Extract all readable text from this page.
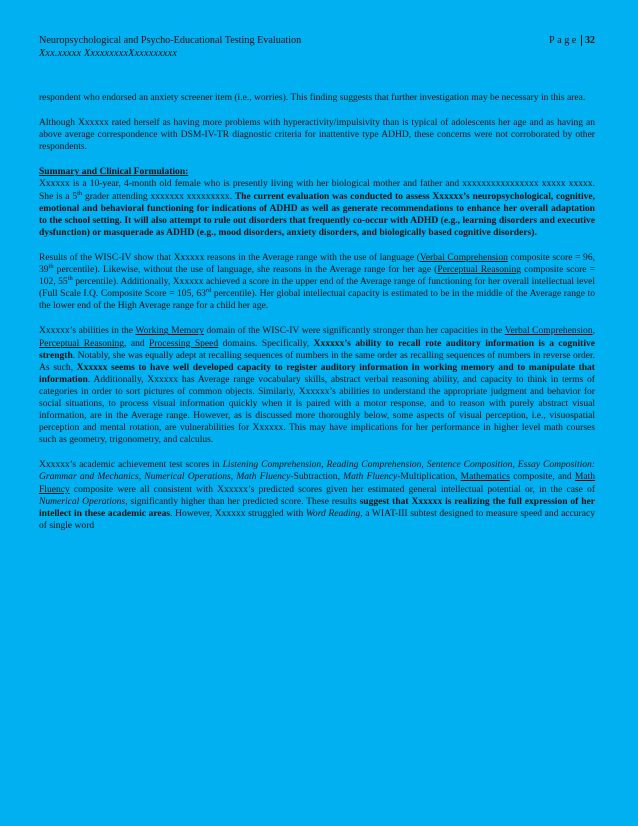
Neuropsychological and Psycho-Educational Testing Evaluation	Page 32
Xxx.xxxxx XxxxxxxxxXxxxxxxxxx

respondent who endorsed an anxiety screener item (i.e., worries). This finding suggests that further investigation may be necessary in this area.

Although Xxxxxx rated herself as having more problems with hyperactivity/impulsivity than is typical of adolescents her age and as having an above average correspondence with DSM-IV-TR diagnostic criteria for inattentive type ADHD, these concerns were not corroborated by other respondents.

Summary and Clinical Formulation:

Xxxxxx is a 10-year, 4-month old female who is presently living with her biological mother and father and xxxxxxxxxxxxxxxx xxxxx xxxxx. She is a 5th grader attending xxxxxxx xxxxxxxxx. The current evaluation was conducted to assess Xxxxxx’s neuropsychological, cognitive, emotional and behavioral functioning for indications of ADHD as well as generate recommendations to enhance her overall adaptation to the school setting. It will also attempt to rule out disorders that frequently co-occur with ADHD (e.g., learning disorders and executive dysfunction) or masquerade as ADHD (e.g., mood disorders, anxiety disorders, and biologically based cognitive disorders).

Results of the WISC-IV show that Xxxxxx reasons in the Average range with the use of language (Verbal Comprehension composite score = 96, 39th percentile). Likewise, without the use of language, she reasons in the Average range for her age (Perceptual Reasoning composite score = 102, 55th percentile). Additionally, Xxxxxx achieved a score in the upper end of the Average range of functioning for her overall intellectual level (Full Scale I.Q. Composite Score = 105, 63rd percentile). Her global intellectual capacity is estimated to be in the middle of the Average range to the lower end of the High Average range for a child her age.

Xxxxxx’s abilities in the Working Memory domain of the WISC-IV were significantly stronger than her capacities in the Verbal Comprehension, Perceptual Reasoning, and Processing Speed domains. Specifically, Xxxxxx’s ability to recall rote auditory information is a cognitive strength. Notably, she was equally adept at recalling sequences of numbers in the same order as recalling sequences of numbers in reverse order. As such, Xxxxxx seems to have well developed capacity to register auditory information in working memory and to manipulate that information. Additionally, Xxxxxx has Average range vocabulary skills, abstract verbal reasoning ability, and capacity to think in terms of categories in order to sort pictures of common objects. Similarly, Xxxxxx’s abilities to understand the appropriate judgment and behavior for social situations, to process visual information quickly when it is paired with a motor response, and to reason with purely abstract visual information, are in the Average range. However, as is discussed more thoroughly below, some aspects of visual perception, i.e., visuospatial perception and mental rotation, are vulnerabilities for Xxxxxx. This may have implications for her performance in higher level math courses such as geometry, trigonometry, and calculus.

Xxxxxx’s academic achievement test scores in Listening Comprehension, Reading Comprehension, Sentence Composition, Essay Composition: Grammar and Mechanics, Numerical Operations, Math Fluency-Subtraction, Math Fluency-Multiplication, Mathematics composite, and Math Fluency composite were all consistent with Xxxxxx’s predicted scores given her estimated general intellectual potential or, in the case of Numerical Operations, significantly higher than her predicted score. These results suggest that Xxxxxx is realizing the full expression of her intellect in these academic areas. However, Xxxxxx struggled with Word Reading, a WIAT-III subtest designed to measure speed and accuracy of single word
